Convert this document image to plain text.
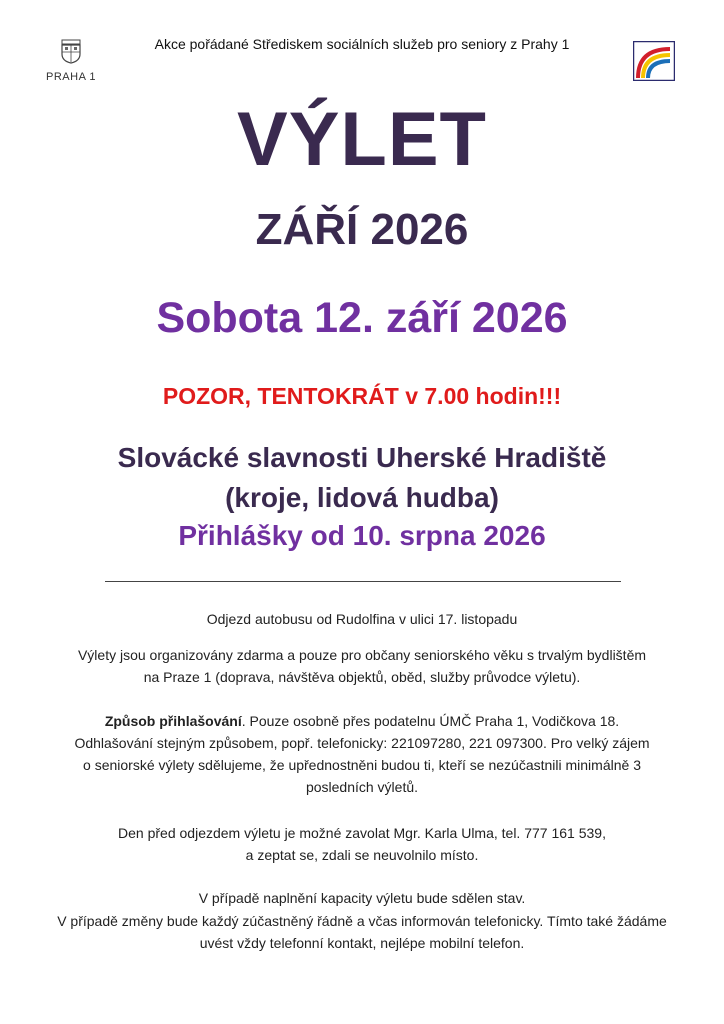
PRAHA 1
Akce pořádané Střediskem sociálních služeb pro seniory z Prahy 1
VÝLET
ZÁŘÍ 2026
Sobota 12. září 2026
POZOR, TENTOKRÁT v 7.00 hodin!!!
Slovácké slavnosti Uherské Hradiště
(kroje, lidová hudba)
Přihlášky od 10. srpna 2026
Odjezd autobusu od Rudolfina v ulici 17. listopadu
Výlety jsou organizovány zdarma a pouze pro občany seniorského věku s trvalým bydlištěm
na Praze 1 (doprava, návštěva objektů, oběd, služby průvodce výletu).
Způsob přihlašování. Pouze osobně přes podatelnu ÚMČ Praha 1, Vodičkova 18.
Odhlašování stejným způsobem, popř. telefonicky: 221097280, 221 097300. Pro velký zájem
o seniorské výlety sdělujeme, že upřednostněni budou ti, kteří se nezúčastnili minimálně 3
posledních výletů.
Den před odjezdem výletu je možné zavolat Mgr. Karla Ulma, tel. 777 161 539,
a zeptat se, zdali se neuvolnilo místo.
V případě naplnění kapacity výletu bude sdělen stav.
V případě změny bude každý zúčastněný řádně a včas informován telefonicky. Tímto také žádáme
uvést vždy telefonní kontakt, nejlépe mobilní telefon.
